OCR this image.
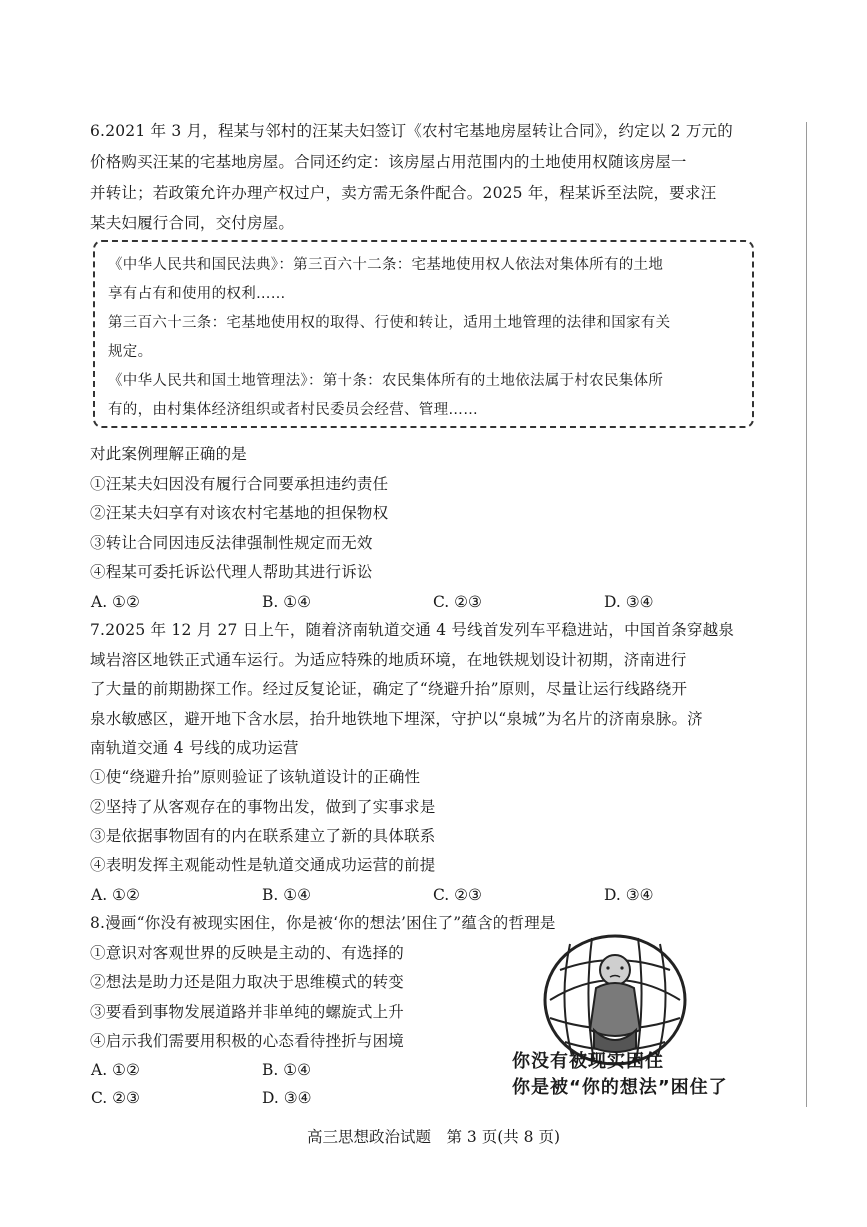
6.2021 年 3 月，程某与邻村的汪某夫妇签订《农村宅基地房屋转让合同》，约定以 2 万元的
价格购买汪某的宅基地房屋。合同还约定：该房屋占用范围内的土地使用权随该房屋一
并转让；若政策允许办理产权过户，卖方需无条件配合。2025 年，程某诉至法院，要求汪
某夫妇履行合同，交付房屋。
《中华人民共和国民法典》：第三百六十二条：宅基地使用权人依法对集体所有的土地
享有占有和使用的权利……
第三百六十三条：宅基地使用权的取得、行使和转让，适用土地管理的法律和国家有关
规定。
《中华人民共和国土地管理法》：第十条：农民集体所有的土地依法属于村农民集体所
有的，由村集体经济组织或者村民委员会经营、管理……
对此案例理解正确的是
①汪某夫妇因没有履行合同要承担违约责任
②汪某夫妇享有对该农村宅基地的担保物权
③转让合同因违反法律强制性规定而无效
④程某可委托诉讼代理人帮助其进行诉讼
A. ①②	B. ①④	C. ②③	D. ③④
7.2025 年 12 月 27 日上午，随着济南轨道交通 4 号线首发列车平稳进站，中国首条穿越泉
域岩溶区地铁正式通车运行。为适应特殊的地质环境，在地铁规划设计初期，济南进行
了大量的前期勘探工作。经过反复论证，确定了“绕避升抬”原则，尽量让运行线路绕开
泉水敏感区，避开地下含水层，抬升地铁地下埋深，守护以“泉城”为名片的济南泉脉。济
南轨道交通 4 号线的成功运营
①使“绕避升抬”原则验证了该轨道设计的正确性
②坚持了从客观存在的事物出发，做到了实事求是
③是依据事物固有的内在联系建立了新的具体联系
④表明发挥主观能动性是轨道交通成功运营的前提
A. ①②	B. ①④	C. ②③	D. ③④
8.漫画“你没有被现实困住，你是被‘你的想法’困住了”蕴含的哲理是
①意识对客观世界的反映是主动的、有选择的
②想法是助力还是阻力取决于思维模式的转变
③要看到事物发展道路并非单纯的螺旋式上升
④启示我们需要用积极的心态看待挫折与困境
A. ①②	B. ①④
C. ②③	D. ③④
你没有被现实困住
你是被“你的想法”困住了
高三思想政治试题　第 3 页(共 8 页)
